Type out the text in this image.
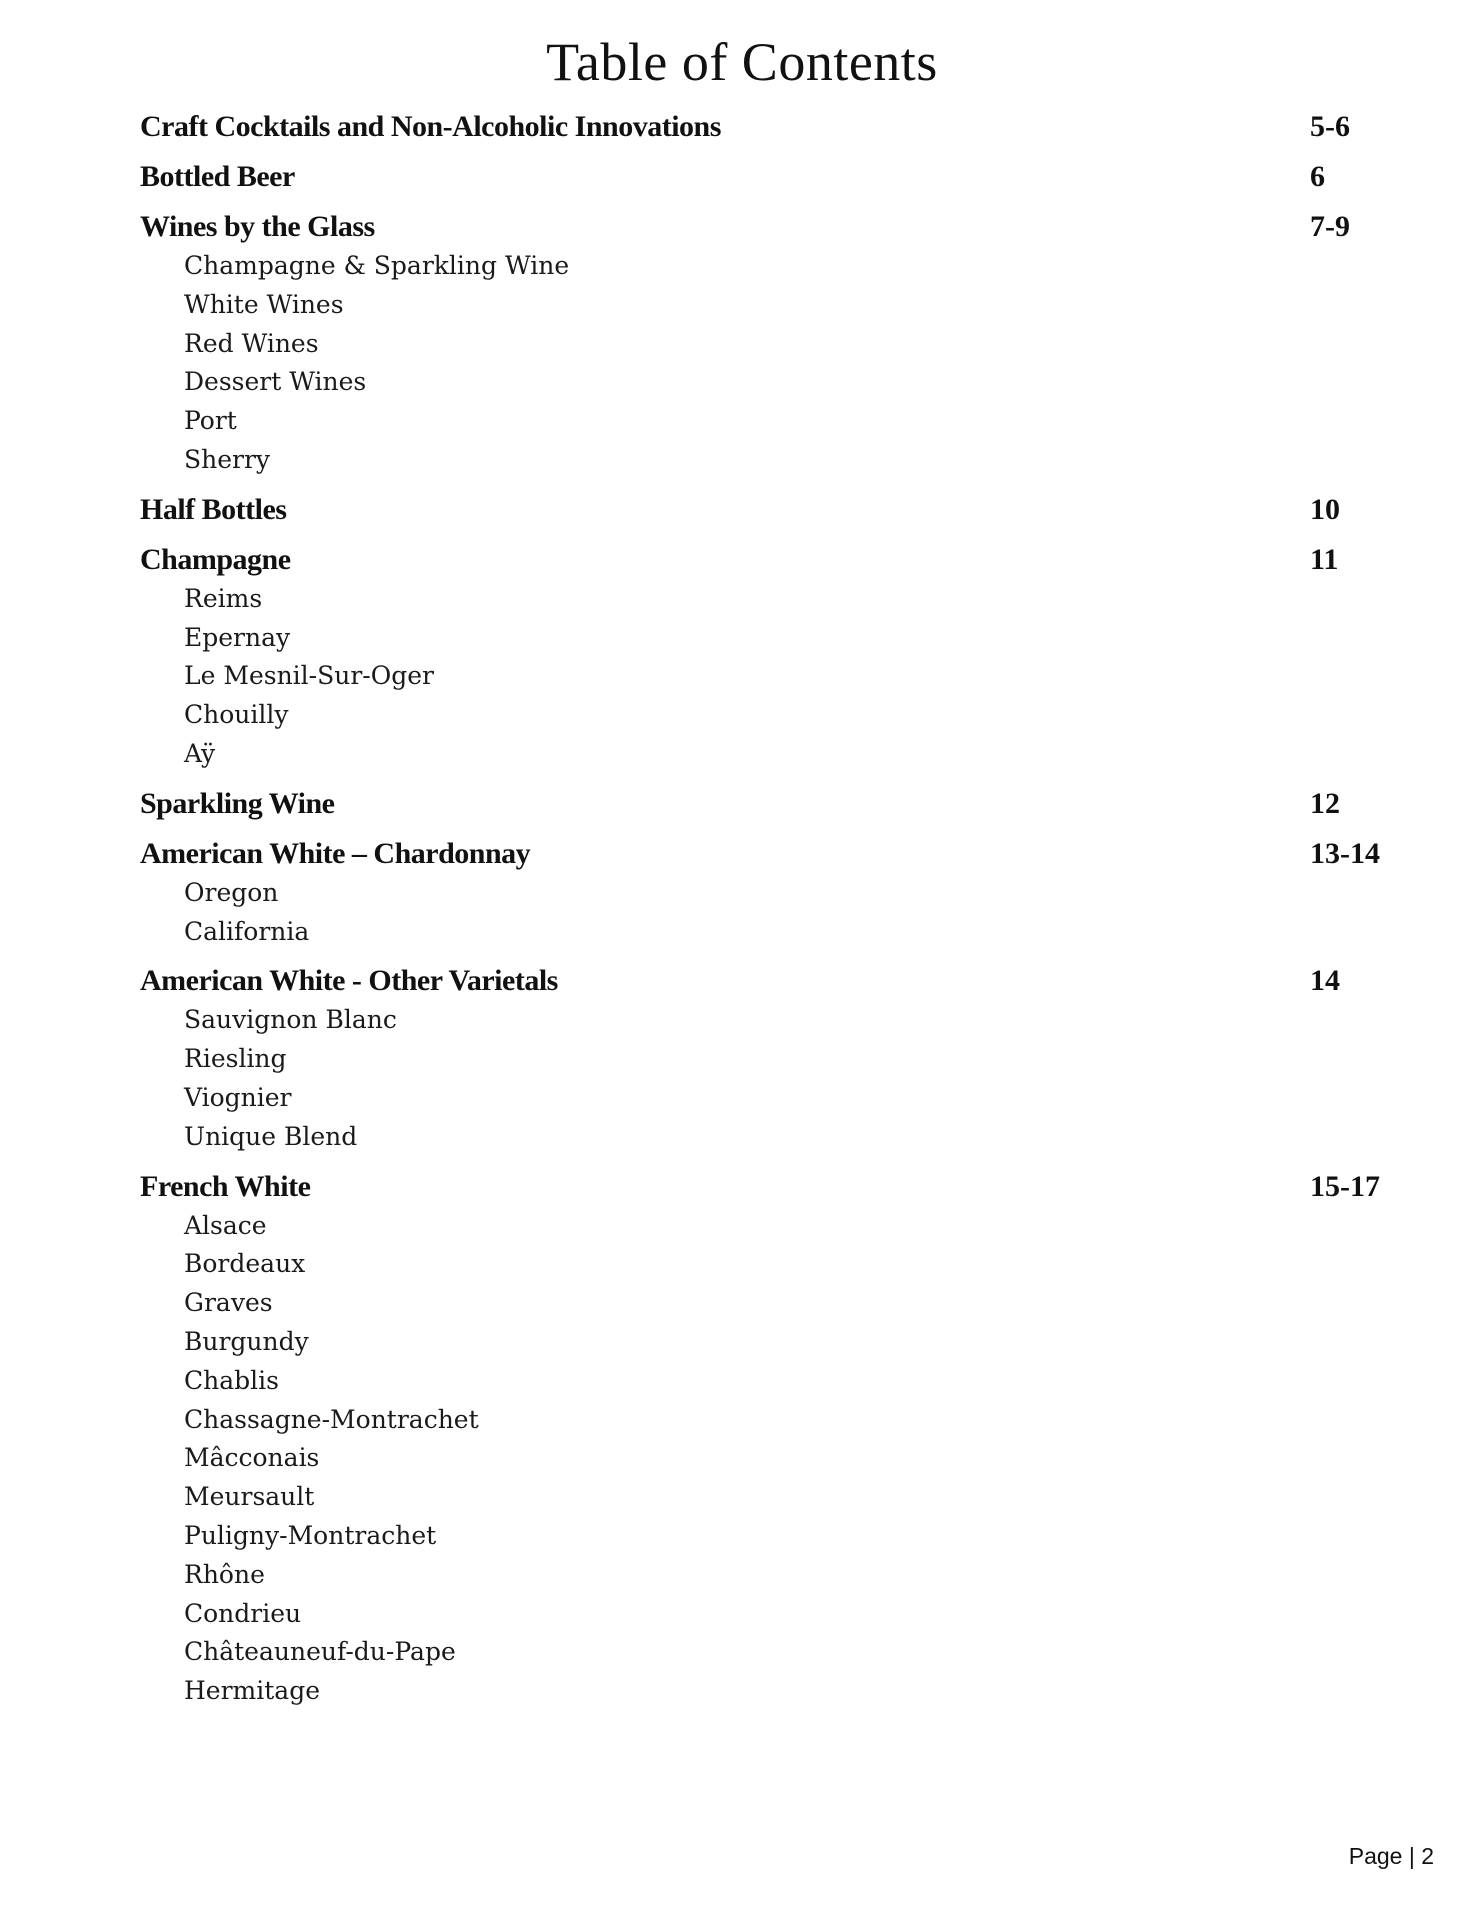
Table of Contents
Craft Cocktails and Non-Alcoholic Innovations	5-6
Bottled Beer	6
Wines by the Glass	7-9
Champagne & Sparkling Wine
White Wines
Red Wines
Dessert Wines
Port
Sherry
Half Bottles	10
Champagne	11
Reims
Epernay
Le Mesnil-Sur-Oger
Chouilly
Aÿ
Sparkling Wine	12
American White – Chardonnay	13-14
Oregon
California
American White - Other Varietals	14
Sauvignon Blanc
Riesling
Viognier
Unique Blend
French White	15-17
Alsace
Bordeaux
Graves
Burgundy
Chablis
Chassagne-Montrachet
Mâcconais
Meursault
Puligny-Montrachet
Rhône
Condrieu
Châteauneuf-du-Pape
Hermitage
Page | 2
